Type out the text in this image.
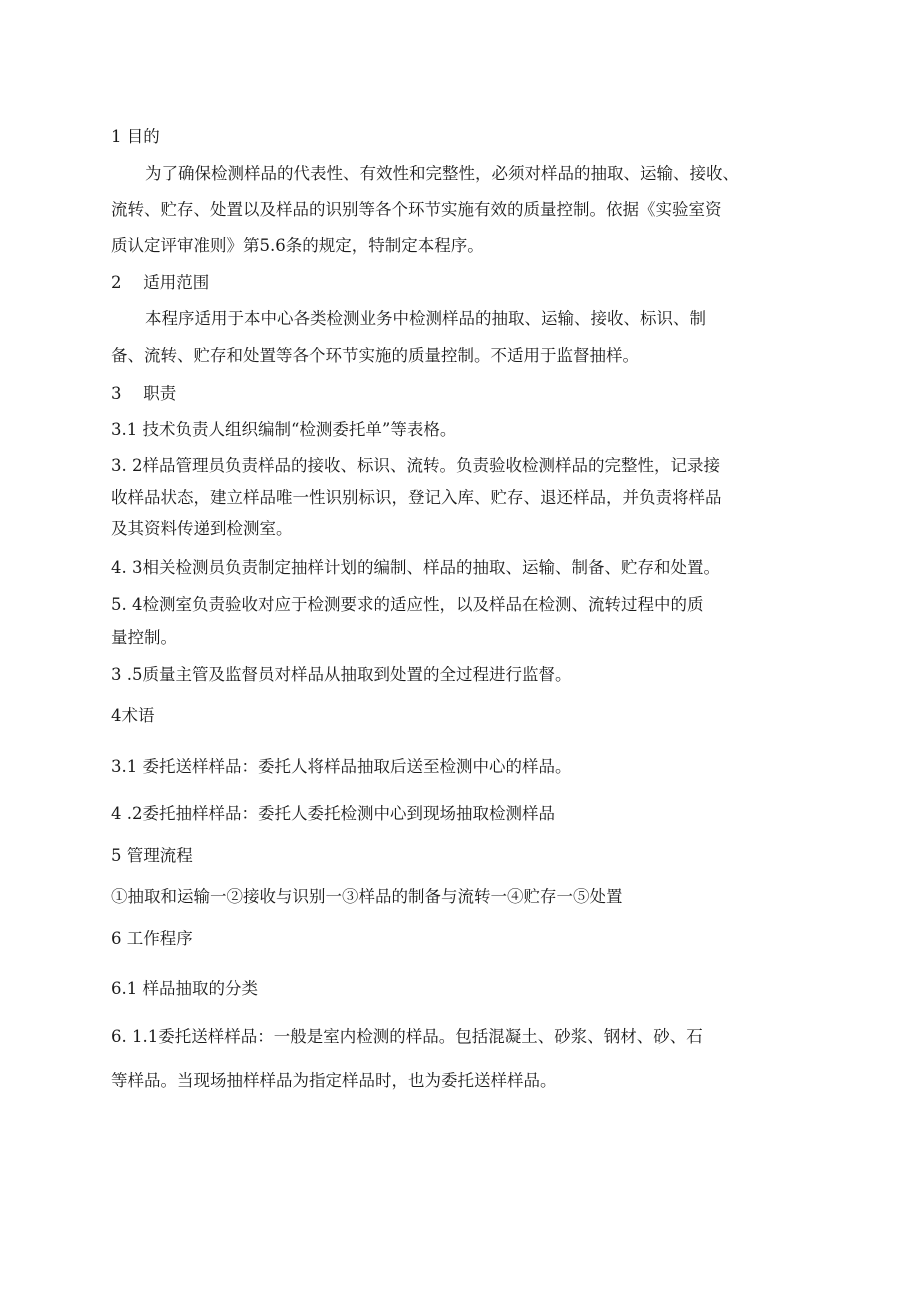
1 目的
为了确保检测样品的代表性、有效性和完整性，必须对样品的抽取、运输、接收、
流转、贮存、处置以及样品的识别等各个环节实施有效的质量控制。依据《实验室资
质认定评审准则》第5.6条的规定，特制定本程序。
2　 适用范围
本程序适用于本中心各类检测业务中检测样品的抽取、运输、接收、标识、制
备、流转、贮存和处置等各个环节实施的质量控制。不适用于监督抽样。
3　 职责
3.1 技术负责人组织编制“检测委托单”等表格。
3. 2样品管理员负责样品的接收、标识、流转。负责验收检测样品的完整性，记录接
收样品状态，建立样品唯一性识别标识，登记入库、贮存、退还样品，并负责将样品
及其资料传递到检测室。
4. 3相关检测员负责制定抽样计划的编制、样品的抽取、运输、制备、贮存和处置。
5. 4检测室负责验收对应于检测要求的适应性，以及样品在检测、流转过程中的质
量控制。
3 .5质量主管及监督员对样品从抽取到处置的全过程进行监督。
4术语
3.1 委托送样样品：委托人将样品抽取后送至检测中心的样品。
4 .2委托抽样样品：委托人委托检测中心到现场抽取检测样品
5 管理流程
①抽取和运输一②接收与识别一③样品的制备与流转一④贮存一⑤处置
6 工作程序
6.1 样品抽取的分类
6. 1.1委托送样样品：一般是室内检测的样品。包括混凝土、砂浆、钢材、砂、石
等样品。当现场抽样样品为指定样品时，也为委托送样样品。
